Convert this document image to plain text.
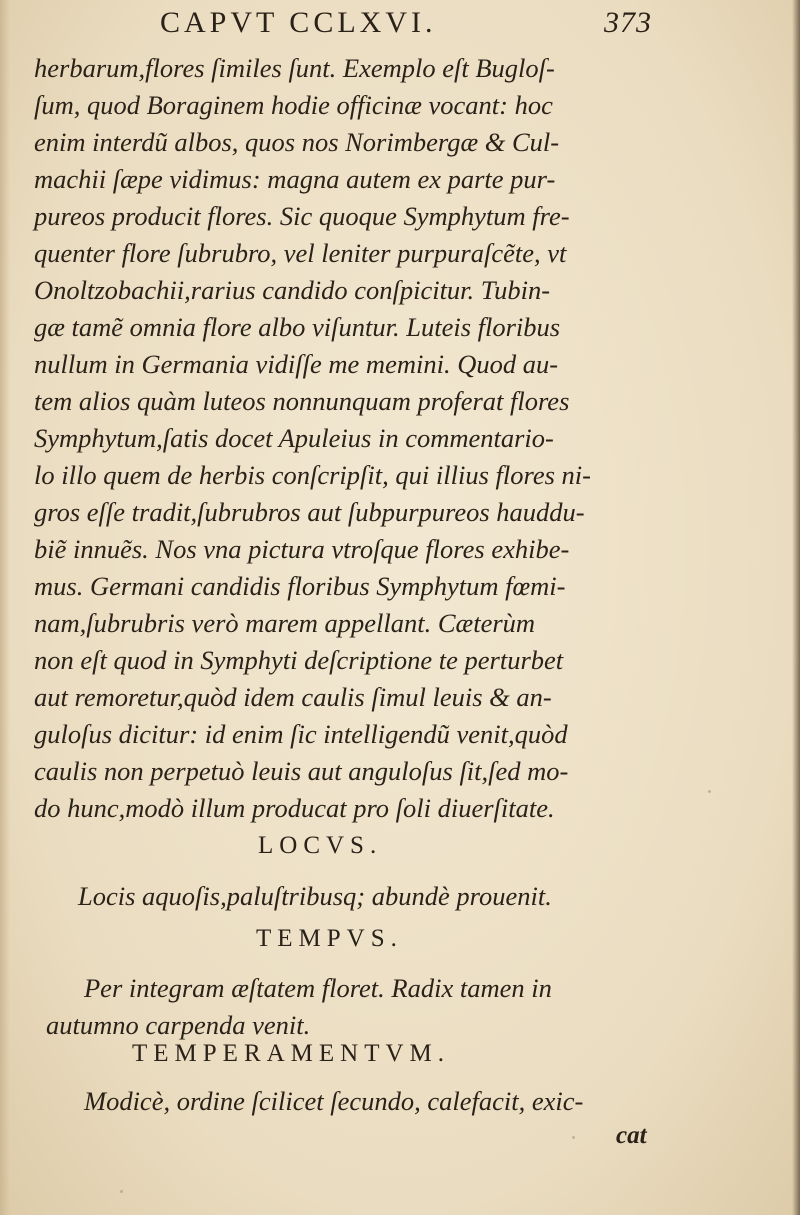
CAPVT CCLXVI.	373
herbarum,flores ſimiles ſunt. Exemplo eſt Bugloſ-
ſum, quod Boraginem hodie officinæ vocant: hoc
enim interdũ albos, quos nos Norimbergæ & Cul-
machii ſæpe vidimus: magna autem ex parte pur-
pureos producit flores. Sic quoque Symphytum fre-
quenter flore ſubrubro, vel leniter purpuraſcẽte, vt
Onoltzobachii,rarius candido conſpicitur. Tubin-
gæ tamẽ omnia flore albo viſuntur. Luteis floribus
nullum in Germania vidiſſe me memini. Quod au-
tem alios quàm luteos nonnunquam proferat flores
Symphytum,ſatis docet Apuleius in commentario-
lo illo quem de herbis conſcripſit, qui illius flores ni-
gros eſſe tradit,ſubrubros aut ſubpurpureos hauddu-
biẽ innuẽs. Nos vna pictura vtroſque flores exhibe-
mus. Germani candidis floribus Symphytum fœmi-
nam,ſubrubris verò marem appellant. Cæterùm
non eſt quod in Symphyti deſcriptione te perturbet
aut remoretur,quòd idem caulis ſimul leuis & an-
guloſus dicitur: id enim ſic intelligendũ venit,quòd
caulis non perpetuò leuis aut anguloſus ſit,ſed mo-
do hunc,modò illum producat pro ſoli diuerſitate.
LOCVS.
Locis aquoſis,paluſtribusq; abundè prouenit.
TEMPVS.
Per integram æſtatem floret. Radix tamen in
autumno carpenda venit.
TEMPERAMENTVM.
Modicè, ordine ſcilicet ſecundo, calefacit, exic-
cat
